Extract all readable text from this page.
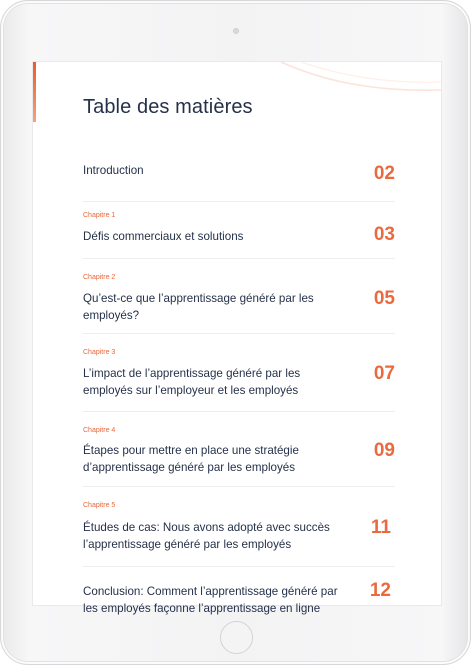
Table des matières
Introduction	02
Chapitre 1
Défis commerciaux et solutions	03
Chapitre 2
Qu’est-ce que l’apprentissage généré par les employés?
05
Chapitre 3
L’impact de l’apprentissage généré par les employés sur l’employeur et les employés
07
Chapitre 4
Étapes pour mettre en place une stratégie d’apprentissage généré par les employés
09
Chapitre 5
Études de cas: Nous avons adopté avec succès l’apprentissage généré par les employés
11
Conclusion: Comment l’apprentissage généré par les employés façonne l’apprentissage en ligne
12
